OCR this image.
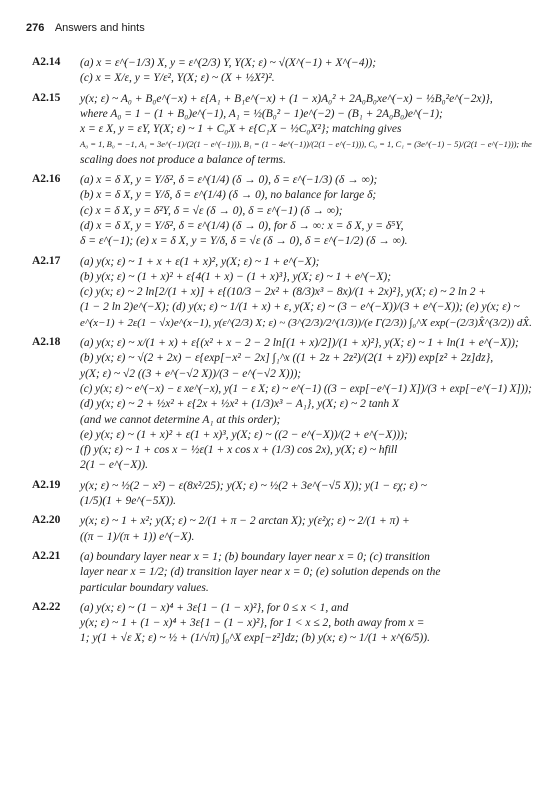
276 Answers and hints
A2.14 (a) x = ε^(−1/3) X, y = ε^(2/3) Y, Y(X; ε) ~ √(X^(−1) + X^(−4));
(c) x = X/ε, y = Y/ε², Y(X; ε) ~ (X + ½X²)².
A2.15 y(x; ε) ~ A₀ + B₀e^(−x) + ε{A₁ + B₁e^(−x) + (1 − x)A₀² + 2A₀B₀xe^(−x) − ½B₀²e^(−2x)},
where A₀ = 1 − (1 + B₀)e^(−1), A₁ = ½(B₀² − 1)e^(−2) − (B₁ + 2A₀B₀)e^(−1);
x = ε X, y = εY, Y(X; ε) ~ 1 + C₀X + ε{C₁X − ½C₀X²}; matching gives
A₀ = 1, B₀ = −1, A₁ = 3e^(−1)/(2(1 − e^(−1))), B₁ = (1 − 4e^(−1))/(2(1 − e^(−1))), C₀ = 1, C₁ = (3e^(−1) − 5)/(2(1 − e^(−1))); the
scaling does not produce a balance of terms.
A2.16 (a) x = δ X, y = Y/δ², δ = ε^(1/4) (δ → 0), δ = ε^(−1/3) (δ → ∞);
(b) x = δ X, y = Y/δ, δ = ε^(1/4) (δ → 0), no balance for large δ;
(c) x = δ X, y = δ²Y, δ = √ε (δ → 0), δ = ε^(−1) (δ → ∞);
(d) x = δ X, y = Y/δ², δ = ε^(1/4) (δ → 0), for δ → ∞: x = δ X, y = δ⁵Y,
δ = ε^(−1); (e) x = δ X, y = Y/δ, δ = √ε (δ → 0), δ = ε^(−1/2) (δ → ∞).
A2.17 (a) y(x; ε) ~ 1 + x + ε(1 + x)², y(X; ε) ~ 1 + e^(−X);
(b) y(x; ε) ~ (1 + x)² + ε{4(1 + x) − (1 + x)³}, y(X; ε) ~ 1 + e^(−X);
(c) y(x; ε) ~ 2 ln[2/(1 + x)] + ε{(10/3 − 2x² + (8/3)x³ − 8x)/(1 + 2x)²}, y(X; ε) ~ 2 ln 2 +
(1 − 2 ln 2)e^(−X); (d) y(x; ε) ~ 1/(1 + x) + ε, y(X; ε) ~ (3 − e^(−X))/(3 + e^(−X)); (e) y(x; ε) ~
e^(x−1) + 2ε(1 − √x)e^(x−1), y(ε^(2/3) X; ε) ~ (3^(2/3)/2^(1/3))/(e Γ(2/3)) ∫₀^X exp(−(2/3)X̂^(3/2)) dX̂.
A2.18 (a) y(x; ε) ~ x/(1 + x) + ε{(x² + x − 2 − 2 ln[(1 + x)/2])/(1 + x)²}, y(X; ε) ~ 1 + ln(1 + e^(−X));
(b) y(x; ε) ~ √(2 + 2x) − ε{exp[−x² − 2x] ∫₁^x ((1 + 2z + 2z²)/(2(1 + z)²)) exp[z² + 2z]dz},
y(X; ε) ~ √2 ((3 + e^(−√2 X))/(3 − e^(−√2 X)));
(c) y(x; ε) ~ e^(−x) − ε xe^(−x), y(1 − ε X; ε) ~ e^(−1) ((3 − exp[−e^(−1) X])/(3 + exp[−e^(−1) X]));
(d) y(x; ε) ~ 2 + ½x² + ε{2x + ½x² + (1/3)x³ − A₁}, y(X; ε) ~ 2 tanh X
(and we cannot determine A₁ at this order);
(e) y(x; ε) ~ (1 + x)² + ε(1 + x)³, y(X; ε) ~ ((2 − e^(−X))/(2 + e^(−X)));
(f) y(x; ε) ~ 1 + cos x − ½ε(1 + x cos x + (1/3) cos 2x), y(X; ε) ~ hfill
2(1 − e^(−X)).
A2.19 y(x; ε) ~ ½(2 − x²) − ε(8x²/25); y(X; ε) ~ ½(2 + 3e^(−√5 X)); y(1 − εχ; ε) ~
(1/5)(1 + 9e^(−5X)).
A2.20 y(x; ε) ~ 1 + x²; y(X; ε) ~ 2/(1 + π − 2 arctan X); y(ε²χ; ε) ~ 2/(1 + π) +
((π − 1)/(π + 1)) e^(−X).
A2.21 (a) boundary layer near x = 1; (b) boundary layer near x = 0; (c) transition
layer near x = 1/2; (d) transition layer near x = 0; (e) solution depends on the
particular boundary values.
A2.22 (a) y(x; ε) ~ (1 − x)⁴ + 3ε{1 − (1 − x)²}, for 0 ≤ x < 1, and
y(x; ε) ~ 1 + (1 − x)⁴ + 3ε{1 − (1 − x)²}, for 1 < x ≤ 2, both away from x =
1; y(1 + √ε X; ε) ~ ½ + (1/√π) ∫₀^X exp[−z²]dz; (b) y(x; ε) ~ 1/(1 + x^(6/5)).
